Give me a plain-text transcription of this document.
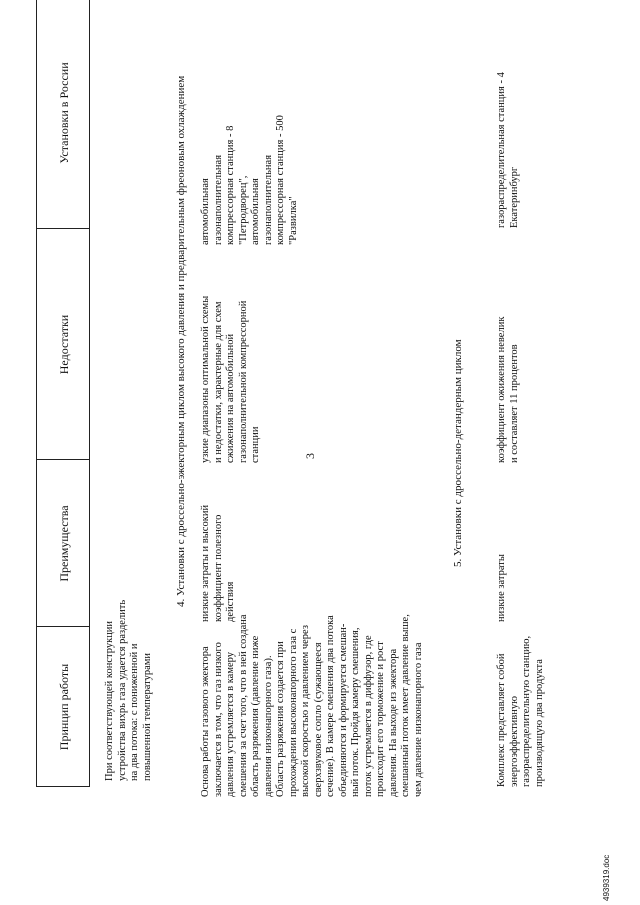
3
Принцип работы
Преимущества
Недостатки
Установки в России
При соответствующей конструкции
устройства вихрь газа удается разделить
на два потока: с пониженной и
повышенной температурами
4. Установки с дроссельно-эжекторным циклом высокого давления и предварительным фреоновым охлаждением
Основа работы газового эжектора
заключается в том, что газ низкого
давления устремляется в камеру
смешения за счет того, что в ней создана
область разряжения (давление ниже
давления низконапорного газа).
Область разряжения создается при
прохождении высоконапорного газа с
высокой скоростью и давлением через
сверхзвуковое сопло (сужающееся
сечение). В камере смешения два потока
объединяются и формируется смешан-
ный поток. Пройдя камеру смешения,
поток устремляется в диффузор, где
происходит его торможение и рост
давления. На выходе из эжектора
смешанный поток имеет давление выше,
чем давление низконапорного газа
низкие затраты и высокий
коэффициент полезного
действия
узкие диапазоны оптимальной схемы
и недостатки, характерные для схем
сжижения на автомобильной
газонаполнительной компрессорной
станции
автомобильная
газонаполнительная
компрессорная станция - 8
"Петродворец",
автомобильная
газонаполнительная
компрессорная станция - 500
"Развилка"
5. Установки с дроссельно-детандерным циклом
Комплекс представляет собой
энергоэффективную
газораспределительную станцию,
производящую два продукта
низкие затраты
коэффициент ожижения невелик
и составляет 11 процентов
газораспределительная станция - 4
Екатеринбург
4939319.doc
